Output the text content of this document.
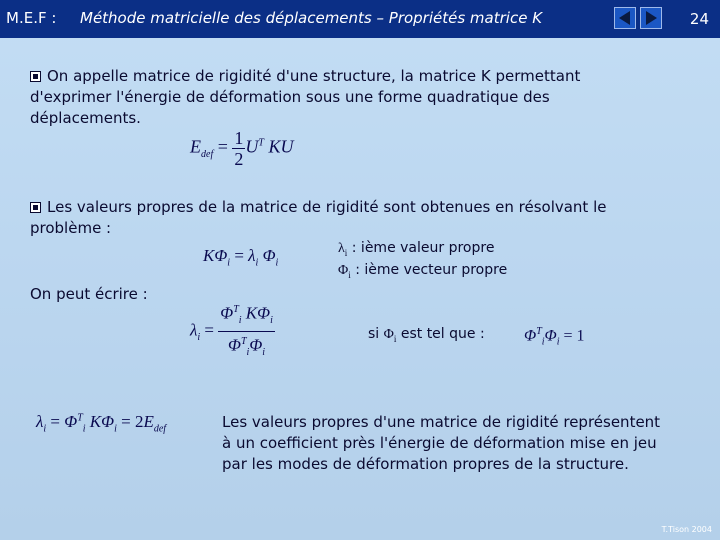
M.E.F : Méthode matricielle des déplacements – Propriétés matrice K	24
On appelle matrice de rigidité d'une structure, la matrice K permettant
d'exprimer l'énergie de déformation sous une forme quadratique des
déplacements.
$E_{def} = \frac{1}{2} U^T$ KU
Les valeurs propres de la matrice de rigidité sont obtenues en résolvant le
problème :
$K\Phi_i = \lambda_i$ $\Phi_i$
$\lambda_i$ : ième valeur propre
$\Phi_i$ : ième vecteur propre
On peut écrire :
$\lambda_i = \frac{\Phi^T_i K\Phi_i}{\Phi^T_i\Phi_i}$	si $\Phi_i$ est tel que : $\Phi^T_i\Phi_i = 1$
$\lambda_i = \Phi^T_i$ $K\Phi_i = 2E_{def}$	Les valeurs propres d'une matrice de rigidité représentent
à un coefficient près l'énergie de déformation mise en jeu
par les modes de déformation propres de la structure.
T.Tison 2004
